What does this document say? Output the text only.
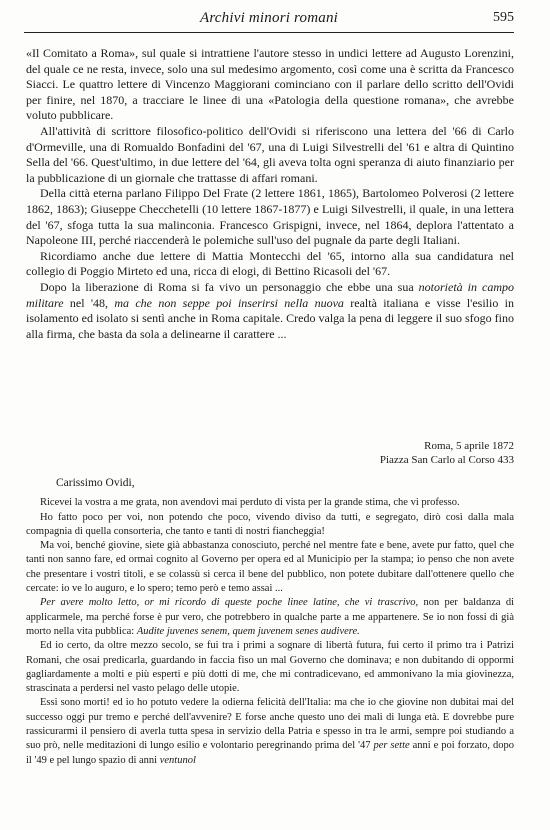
Archivi minori romani	595

«Il Comitato a Roma», sul quale si intrattiene l'autore stesso in undici lettere ad Augusto Lorenzini, del quale ce ne resta, invece, solo una sul medesimo argomento, così come una è scritta da Francesco Siacci. Le quattro lettere di Vincenzo Maggiorani cominciano con il parlare dello scritto dell'Ovidi per finire, nel 1870, a tracciare le linee di una «Patologia della questione romana», che avrebbe voluto pubblicare.

All'attività di scrittore filosofico-politico dell'Ovidi si riferiscono una lettera del '66 di Carlo d'Ormeville, una di Romualdo Bonfadini del '67, una di Luigi Silvestrelli del '61 e altra di Quintino Sella del '66. Quest'ultimo, in due lettere del '64, gli aveva tolta ogni speranza di aiuto finanziario per la pubblicazione di un giornale che trattasse di affari romani.

Della città eterna parlano Filippo Del Frate (2 lettere 1861, 1865), Bartolomeo Polverosi (2 lettere 1862, 1863); Giuseppe Checchetelli (10 lettere 1867-1877) e Luigi Silvestrelli, il quale, in una lettera del '67, sfoga tutta la sua malinconia. Francesco Grispigni, invece, nel 1864, deplora l'attentato a Napoleone III, perché riaccenderà le polemiche sull'uso del pugnale da parte degli Italiani.

Ricordiamo anche due lettere di Mattia Montecchi del '65, intorno alla sua candidatura nel collegio di Poggio Mirteto ed una, ricca di elogi, di Bettino Ricasoli del '67.

Dopo la liberazione di Roma si fa vivo un personaggio che ebbe una sua notorietà in campo militare nel '48, ma che non seppe poi inserirsi nella nuova realtà italiana e visse l'esilio in isolamento ed isolato si sentì anche in Roma capitale. Credo valga la pena di leggere il suo sfogo fino alla firma, che basta da sola a delinearne il carattere ...

Roma, 5 aprile 1872
Piazza San Carlo al Corso 433
Carissimo Ovidi,

Ricevei la vostra a me grata, non avendovi mai perduto di vista per la grande stima, che vi professo.

Ho fatto poco per voi, non potendo che poco, vivendo diviso da tutti, e segregato, dirò così dalla mala compagnia di quella consorteria, che tanto e tanti di nostri fiancheggia!

Ma voi, benché giovine, siete già abbastanza conosciuto, perché nel mentre fate e bene, avete pur fatto, quel che tanti non sanno fare, ed ormai cognito al Governo per opera ed al Municipio per la stampa; io penso che non avete che presentare i vostri titoli, e se colassù si cerca il bene del pubblico, non potete dubitare dall'ottenere quello che cercate: io ve lo auguro, e lo spero; temo però e temo assai ...

Per avere molto letto, or mi ricordo di queste poche linee latine, che vi trascrivo, non per baldanza di applicarmele, ma perché forse è pur vero, che potrebbero in qualche parte a me appartenere. Se io non fossi di già morto nella vita pubblica: Audite juvenes senem, quem juvenem senes audivere.

Ed io certo, da oltre mezzo secolo, se fui tra i primi a sognare di libertà futura, fui certo il primo tra i Patrizi Romani, che osai predicarla, guardando in faccia fiso un mal Governo che dominava; e non dubitando di oppormi gagliardamente a molti e più esperti e più dotti di me, che mi contradicevano, ed ammonivano la mia giovinezza, strascinata a perdersi nel vasto pelago delle utopie.

Essi sono morti! ed io ho potuto vedere la odierna felicità dell'Italia: ma che io che giovine non dubitai mai del successo oggi pur tremo e perché dell'avvenire? E forse anche questo uno dei mali di lunga età. E dovrebbe pure rassicurarmi il pensiero di averla tutta spesa in servizio della Patria e spesso in tra le armi, sempre poi studiando a suo prò, nelle meditazioni di lungo esilio e volontario peregrinando prima del '47 per sette anni e poi forzato, dopo il '49 e pel lungo spazio di anni ventunol
